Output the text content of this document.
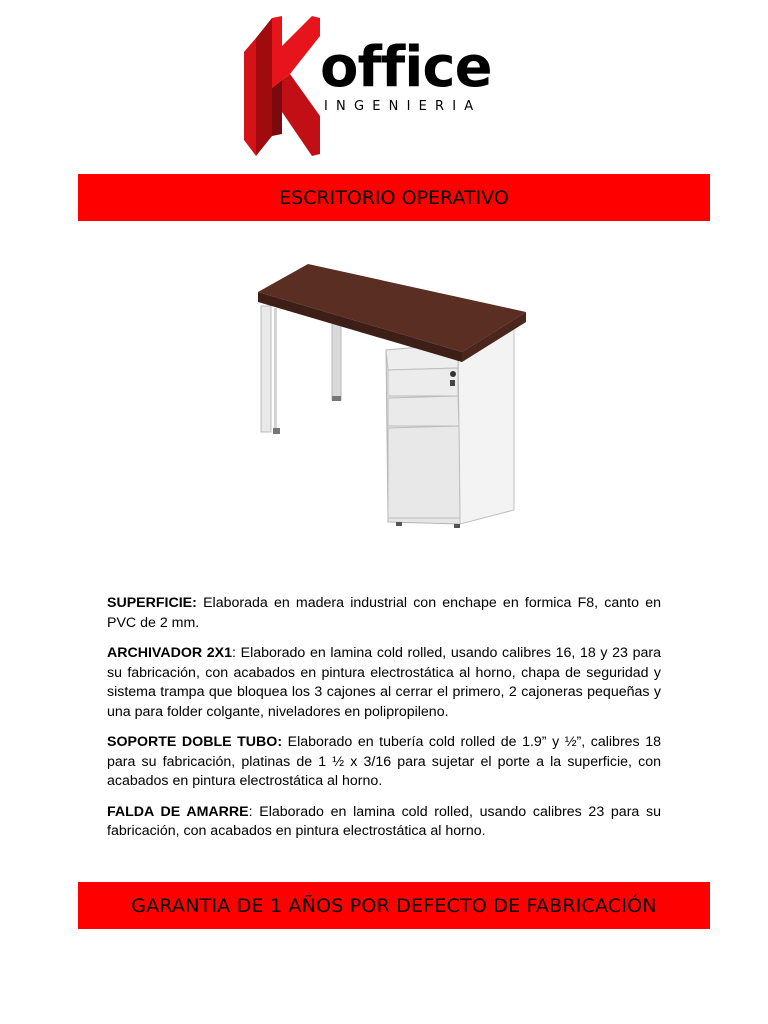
office
INGENIERIA
ESCRITORIO OPERATIVO

SUPERFICIE: Elaborada en madera industrial con enchape en formica F8, canto en PVC de 2 mm.

ARCHIVADOR 2X1: Elaborado en lamina cold rolled, usando calibres 16, 18 y 23 para su fabricación, con acabados en pintura electrostática al horno, chapa de seguridad y sistema trampa que bloquea los 3 cajones al cerrar el primero, 2 cajoneras pequeñas y una para folder colgante, niveladores en polipropileno.

SOPORTE DOBLE TUBO: Elaborado en tubería cold rolled de 1.9” y ½”, calibres 18 para su fabricación, platinas de 1 ½ x 3/16 para sujetar el porte a la superficie, con acabados en pintura electrostática al horno.

FALDA DE AMARRE: Elaborado en lamina cold rolled, usando calibres 23 para su fabricación, con acabados en pintura electrostática al horno.

GARANTIA DE 1 AÑOS POR DEFECTO DE FABRICACIÓN
